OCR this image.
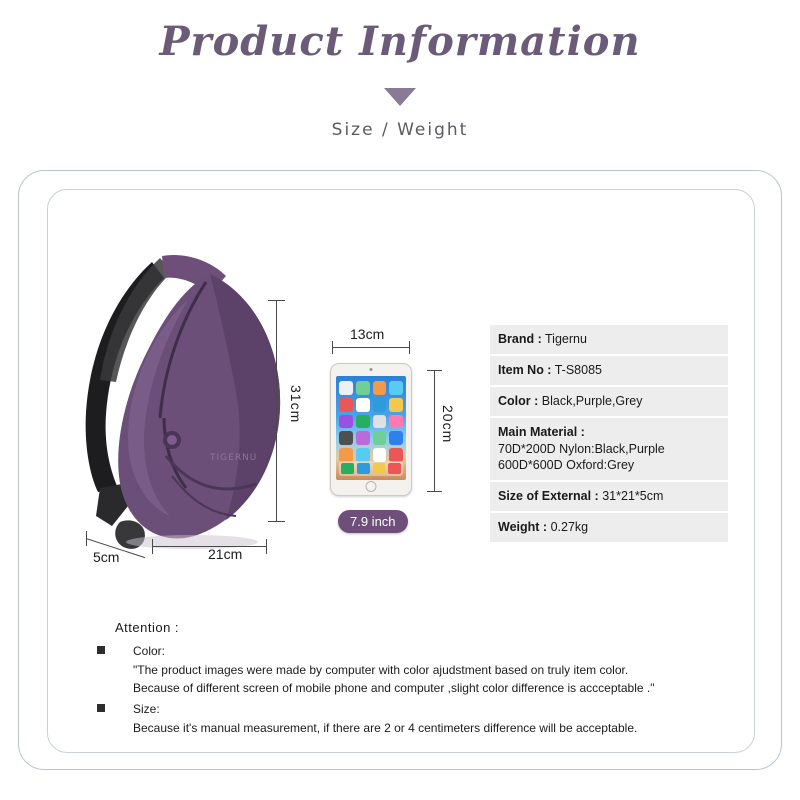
Product Information
Size / Weight
TIGERNU
31cm
21cm
5cm
13cm
20cm
7.9 inch
Brand : Tigernu
Item No : T-S8085
Color : Black,Purple,Grey

Main Material :
70D*200D Nylon:Black,Purple
600D*600D Oxford:Grey

Size of External : 31*21*5cm
Weight : 0.27kg
Attention :
Color:
"The product images were made by computer with color ajudstment based on truly item color.
Because of different screen of mobile phone and computer ,slight color difference is accceptable ."
Size:
Because it's manual measurement, if there are 2 or 4 centimeters difference will be acceptable.
